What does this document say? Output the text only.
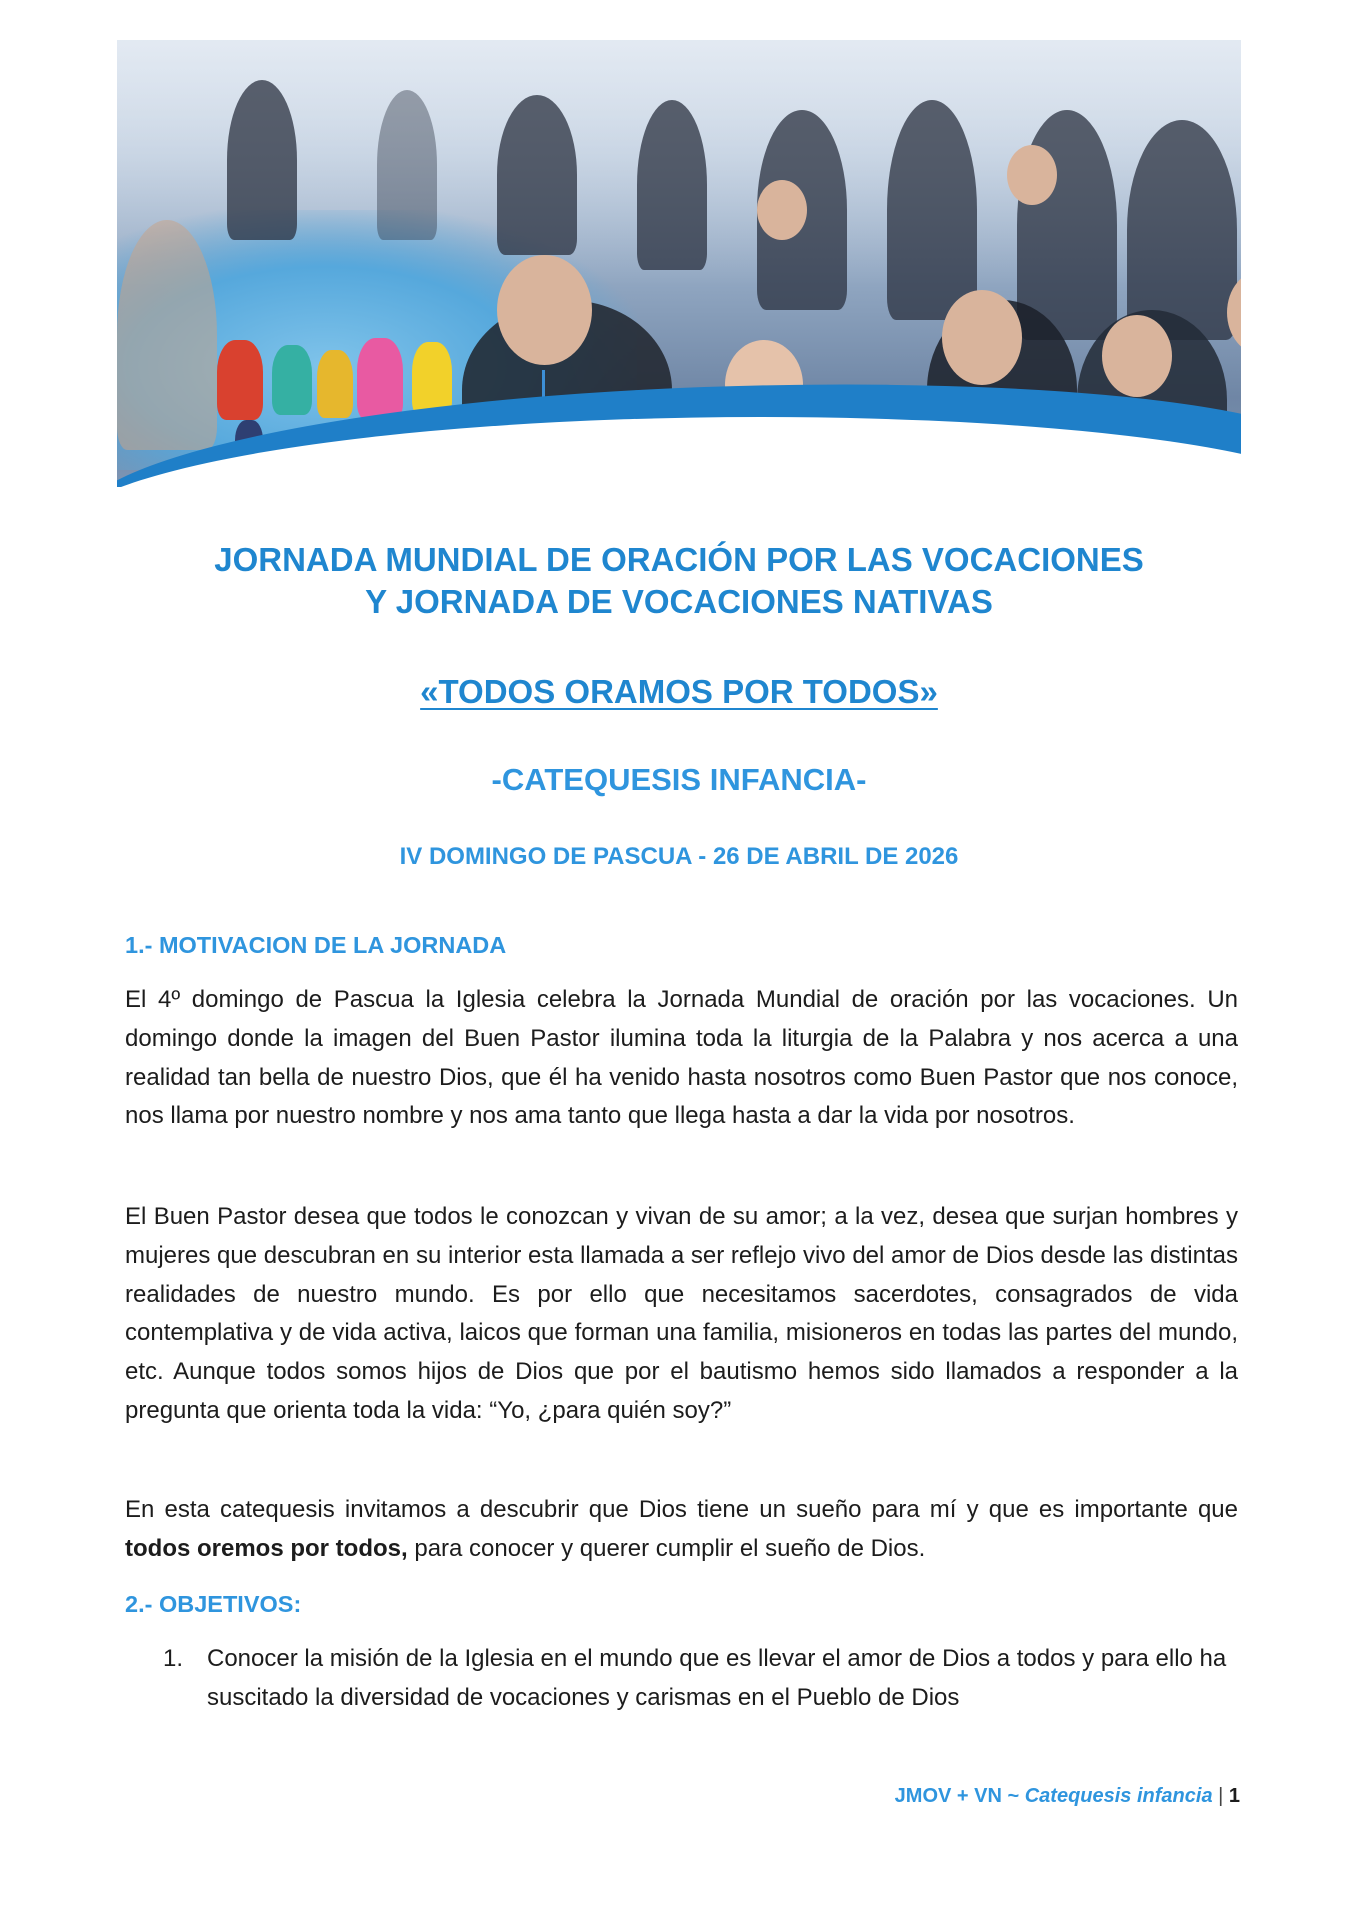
JORNADA MUNDIAL DE ORACIÓN POR LAS VOCACIONES
Y JORNADA DE VOCACIONES NATIVAS
«TODOS ORAMOS POR TODOS»
-CATEQUESIS INFANCIA-
IV DOMINGO DE PASCUA - 26 DE ABRIL DE 2026
1.- MOTIVACION DE LA JORNADA
El 4º domingo de Pascua la Iglesia celebra la Jornada Mundial de oración por las vocaciones. Un domingo donde la imagen del Buen Pastor ilumina toda la liturgia de la Palabra y nos acerca a una realidad tan bella de nuestro Dios, que él ha venido hasta nosotros como Buen Pastor que nos conoce, nos llama por nuestro nombre y nos ama tanto que llega hasta a dar la vida por nosotros.
El Buen Pastor desea que todos le conozcan y vivan de su amor; a la vez, desea que surjan hombres y mujeres que descubran en su interior esta llamada a ser reflejo vivo del amor de Dios desde las distintas realidades de nuestro mundo. Es por ello que necesitamos sacerdotes, consagrados de vida contemplativa y de vida activa, laicos que forman una familia, misioneros en todas las partes del mundo, etc. Aunque todos somos hijos de Dios que por el bautismo hemos sido llamados a responder a la pregunta que orienta toda la vida: “Yo, ¿para quién soy?”
En esta catequesis invitamos a descubrir que Dios tiene un sueño para mí y que es importante que todos oremos por todos, para conocer y querer cumplir el sueño de Dios.
2.- OBJETIVOS:
1. Conocer la misión de la Iglesia en el mundo que es llevar el amor de Dios a todos y para ello ha suscitado la diversidad de vocaciones y carismas en el Pueblo de Dios
JMOV + VN ~ Catequesis infancia | 1
